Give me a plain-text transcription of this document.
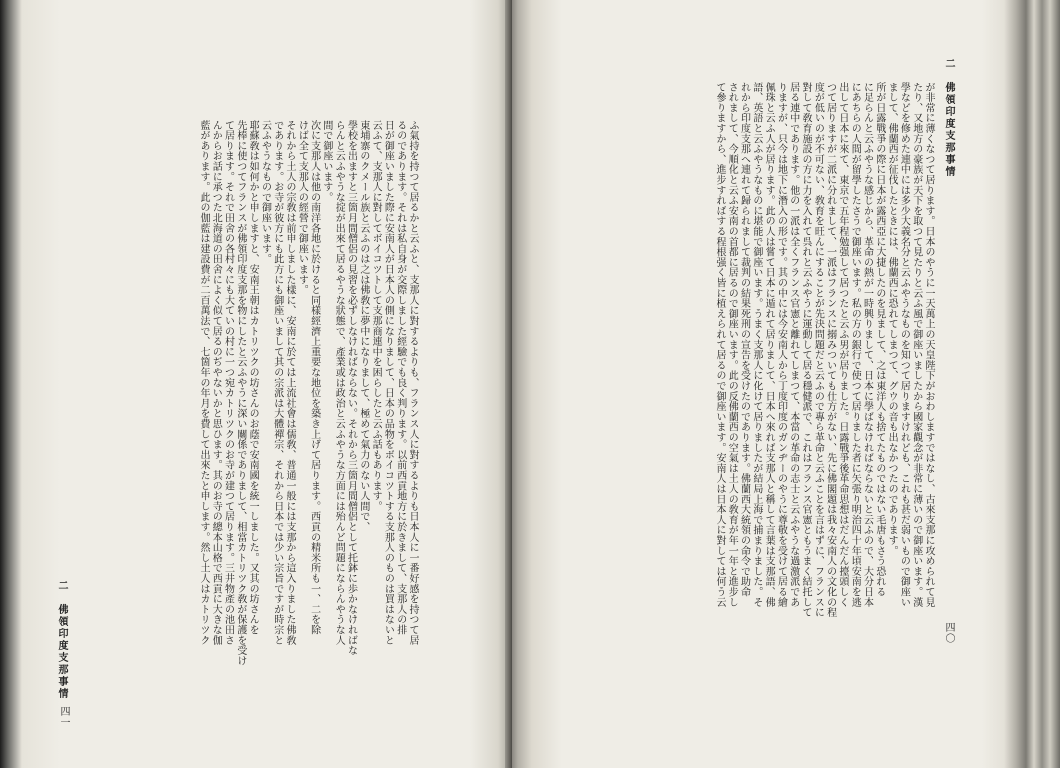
ふ氣持を持つて居るかと云ふと、支那人に對するよりも、フランス人に對するよりも日本人に一番好感を持つて居
るのであります。それは私自身が交際しました經驗でも良く判ります。以前西貢地方に於きまして、支那人の排
日が御座いました際に安南人が日本人の側になりまして、日本の品物をボイコツトする支那人のものは買はないと
云ふて、支那人に對してボイコツトして支那商連中を困らしたと云ふ話もあります。
東埔寨のクメール族と云ふのは之は佛敎に夢中になりまして、極めて氣力のない人間で、
學校を出ますと三箇月間僧侶の見習を必ずしなければならない。それから三箇月間僧侶として托鉢に歩かなければな
らんと云ふやうな掟が出來て居るやうな狀態で、產業或は政治と云ふやうな方面には殆んど問題にならんやうな人
間で御座います。
次に支那人は他の南洋各地に於けると同樣經濟上重要な地位を築き上げて居ります。西貢の精米所も一、二を除
けば全て支那人の經營で御座います。
それから土人の宗敎は前申しました樣に、安南に於ては上流社會は儒敎、普通一般には支那から這入りました佛敎
であります。お寺が彼方にも此方にも御座いまして其の宗派は大體禪宗、それから日本では少い宗旨ですが時宗と
云ふやうなもので御座います。
耶蘇敎は如何かと申しますと、安南王朝はカトリツクの坊さんのお蔭で安南國を統一しました。又其の坊さんを
先棒に使つてフランスが佛領印度支那を物にしたと云ふやうに深い關係でありまして、相當カトリツク敎が保護を受け
て居ります。それで田舍の各村々にも大ていの村に一つ宛カトリツクのお寺が建つて居ります。三井物產の池田さ
んからお話に承つた北海道の田舍によく似て居るのぢやないかと思ひます。其のお寺の總本山格で西貢に大きな伽
藍があります。此の伽藍は建設費が二百萬法で、七箇年の年月を費して出來たと申します。然し土人はカトリツク
二　佛領印度支那事情
四一
二　佛領印度支那事情
四〇
が非常に薄くなつて居ります。日本のやうに一天萬上の天皇陛下がおわしますではなし、古來支那に攻められて見
たり、又地方の豪族が天下を取つて見たりと云ふ風で御座いましたから國家觀念が非常に薄いので御座います。漢
學などを修めた連中には多少大義名分と云ふやうなものを知つて居りますけれども、これも甚だ弱いもので御座い
まして、佛蘭西が征伐したときには、佛蘭西に恐れてしまつて、グウの音も出なかつたのであります。
所が日露戰爭の際に日本が露西亞に大捷したのを見まして、之は東洋人も捨てたものではない毛唐もさう恐れる
に足らんと云ふやうな感じから、革命の熱が一時興りまして、日本に學ばなければならないと云ふので、大分日本
にあちらの人間が留學したさうで御座います。私の方の銀行で使つて居りました者に矢張り明治四十年頃安南を逃
出して日本に來て、東京で五年程勉强して居つたと云ふ男が居りました。日露戰爭後革命思想はだんだん擡頭しく
つて居りますが二派に分れまして、一派はフランスに搦みついても仕方がない、先に佛閣題は我々安南人の文化の程
度が低いのが不可ない、敎育を旺んにすることが先決問題だと云ふので專ら革命と云ふことを言はずに、フランスに
對して敎育施設の方に力を入れて呉れと云ふやうに運動して居る穩健派で、これはフランス官憲ともうまく結托して
居る連中であります。他の一派は全くフランス官憲と離れてしまつて、本當の革命の志士と云ふやうな過激派であ
りますが、只今は地下に潛入の形です。其の中には今安南人から丁度印度のガンヂーのやうに尊敬を受けて居る繪
佩珠と云ふ人が居ります。此の人は嘗て日本に遁れて居りまして、日本へ來れば支那人と稱して言葉は支那語、佛
語、英語と云ふやうなものに堪能で御座います。うまく支那人に化けて居りましたが結局上海で捕まりました。そ
れから印度支那へ連れて歸られまして裁判の結果死刑の宣告を受けたのであります。佛蘭西大統領の命令で助命
されまして、今順化と云ふ安南の首都に居るので御座います。此の反佛蘭西の空氣は土人の敎育が年一年と進步し
て參りますから、進步すればする程根强く皆に植えられて居るので御座います。安南人は日本人に對しては何う云
